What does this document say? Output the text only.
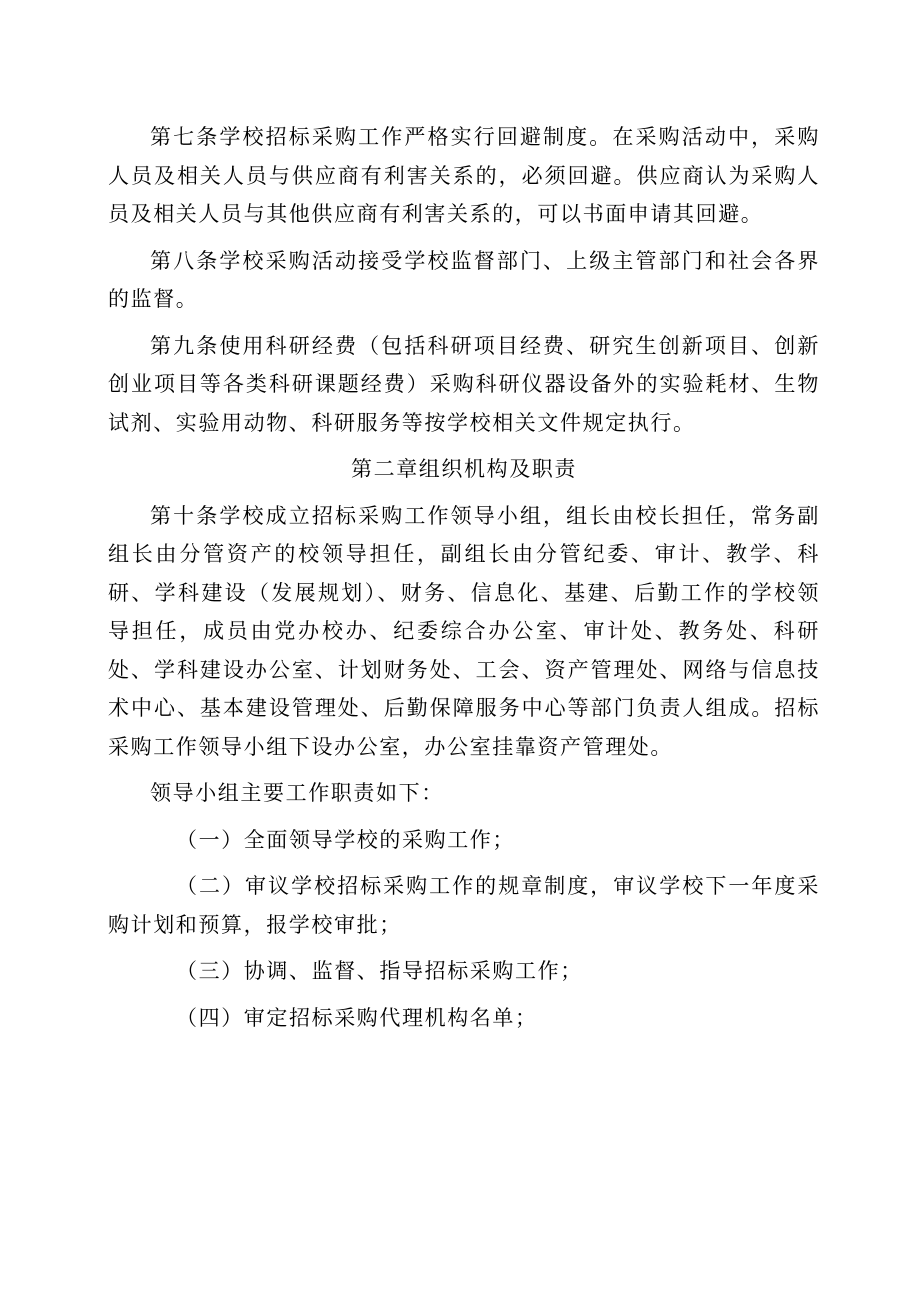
第七条学校招标采购工作严格实行回避制度。在采购活动中，采购人员及相关人员与供应商有利害关系的，必须回避。供应商认为采购人员及相关人员与其他供应商有利害关系的，可以书面申请其回避。

第八条学校采购活动接受学校监督部门、上级主管部门和社会各界的监督。

第九条使用科研经费（包括科研项目经费、研究生创新项目、创新创业项目等各类科研课题经费）采购科研仪器设备外的实验耗材、生物试剂、实验用动物、科研服务等按学校相关文件规定执行。

第二章组织机构及职责

第十条学校成立招标采购工作领导小组，组长由校长担任，常务副组长由分管资产的校领导担任，副组长由分管纪委、审计、教学、科研、学科建设（发展规划）、财务、信息化、基建、后勤工作的学校领导担任，成员由党办校办、纪委综合办公室、审计处、教务处、科研处、学科建设办公室、计划财务处、工会、资产管理处、网络与信息技术中心、基本建设管理处、后勤保障服务中心等部门负责人组成。招标采购工作领导小组下设办公室，办公室挂靠资产管理处。

领导小组主要工作职责如下：

（一）全面领导学校的采购工作；

（二）审议学校招标采购工作的规章制度，审议学校下一年度采购计划和预算，报学校审批；

（三）协调、监督、指导招标采购工作；

（四）审定招标采购代理机构名单；
